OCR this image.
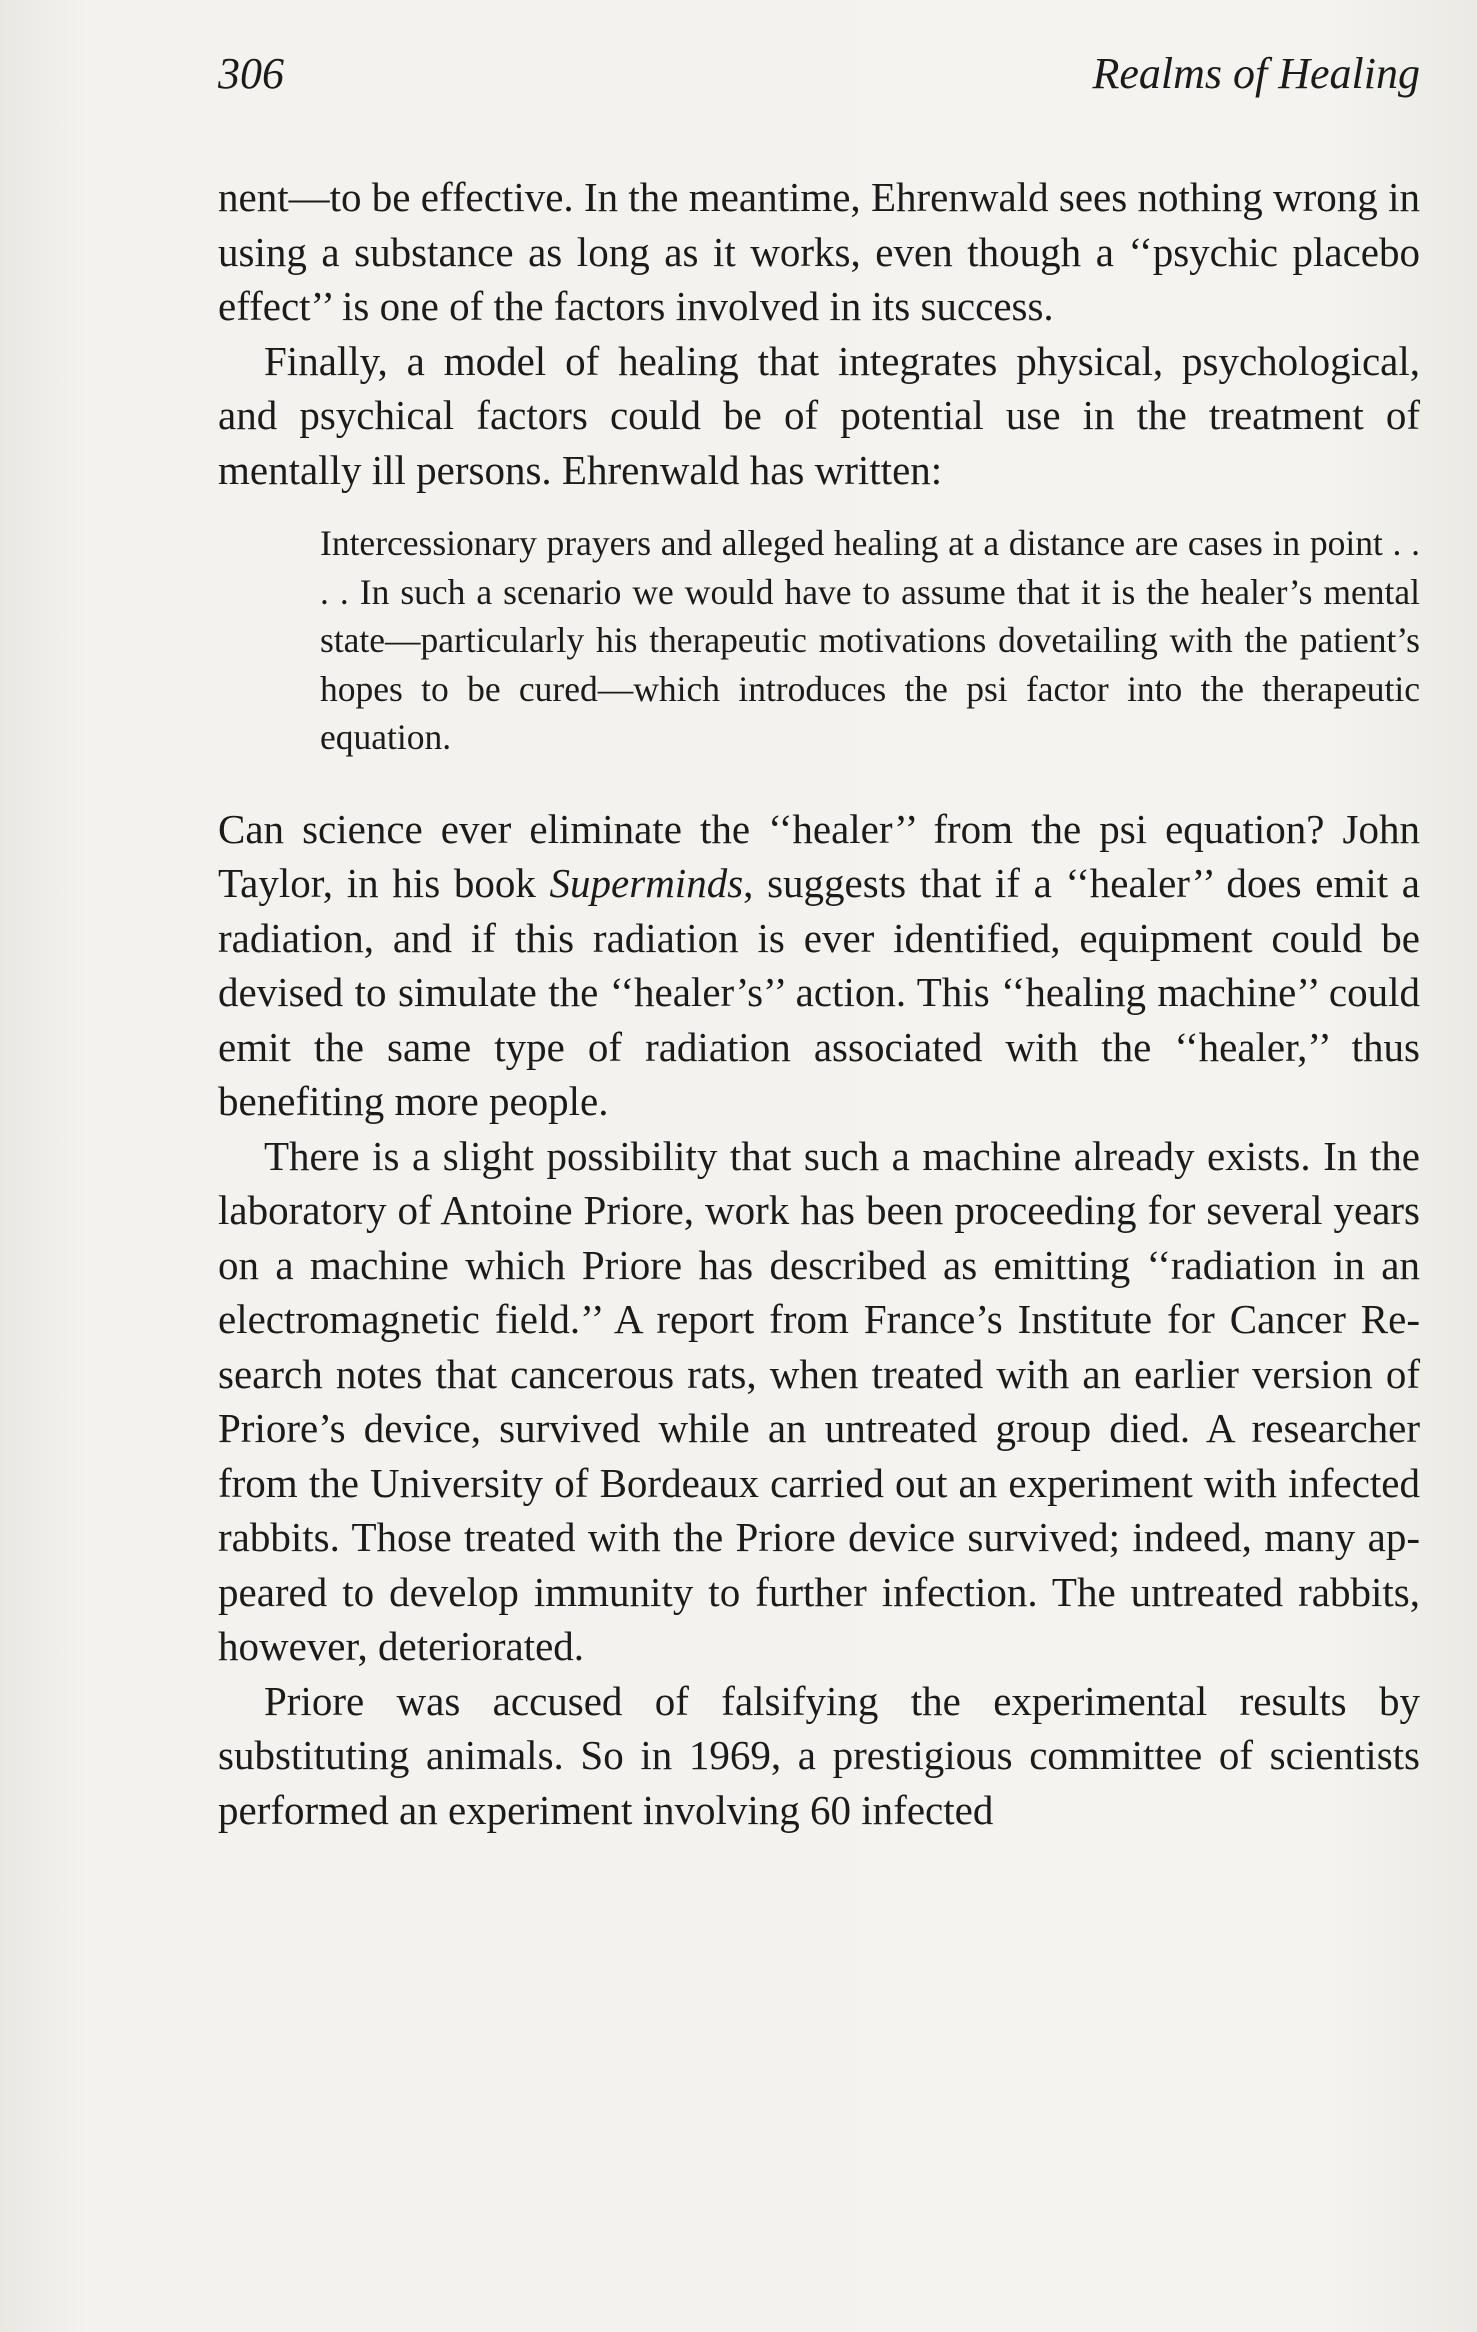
306	Realms of Healing

nent—to be effective. In the meantime, Ehrenwald sees nothing wrong in using a substance as long as it works, even though a ‘‘psychic placebo effect’’ is one of the factors involved in its success.

Finally, a model of healing that integrates physical, psychological, and psychical factors could be of potential use in the treatment of mentally ill persons. Ehrenwald has written:

Intercessionary prayers and alleged healing at a distance are cases in point . . . . In such a scenario we would have to assume that it is the healer’s mental state—particularly his therapeutic motivations dovetailing with the patient’s hopes to be cured—which introduces the psi factor into the therapeutic equation.

Can science ever eliminate the ‘‘healer’’ from the psi equation? John Taylor, in his book Superminds, suggests that if a ‘‘healer’’ does emit a radiation, and if this radiation is ever identified, equipment could be devised to simulate the ‘‘healer’s’’ action. This ‘‘healing machine’’ could emit the same type of radiation associated with the ‘‘healer,’’ thus benefiting more people.

There is a slight possibility that such a machine already exists. In the laboratory of Antoine Priore, work has been proceeding for several years on a machine which Priore has described as emitting ‘‘radiation in an electromagnetic field.’’ A report from France’s Institute for Cancer Research notes that cancerous rats, when treated with an earlier version of Priore’s device, survived while an untreated group died. A researcher from the University of Bordeaux carried out an experiment with infected rabbits. Those treated with the Priore device survived; indeed, many appeared to develop immunity to further infection. The untreated rabbits, however, deteriorated.

Priore was accused of falsifying the experimental results by substituting animals. So in 1969, a prestigious committee of scientists performed an experiment involving 60 infected
